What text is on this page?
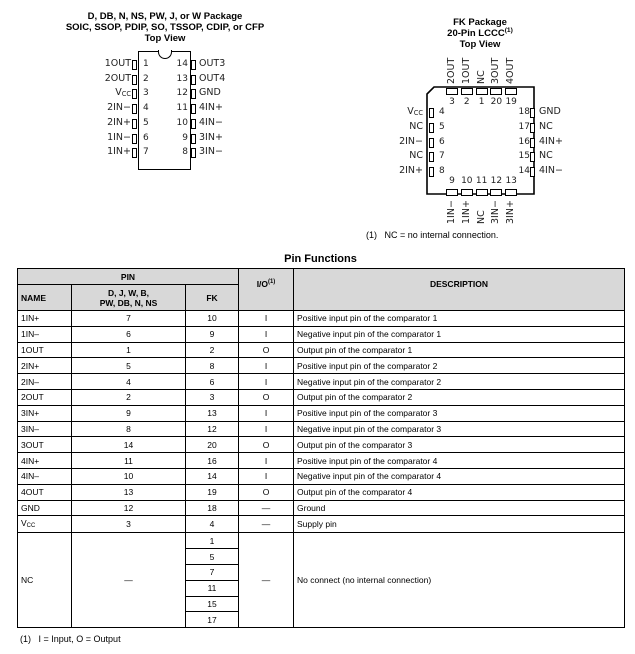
D, DB, N, NS, PW, J, or W Package
SOIC, SSOP, PDIP, SO, TSSOP, CDIP, or CFP
Top View
1OUT 1
2OUT 2
$V_{CC}$ 3
2IN− 4
2IN+ 5
1IN− 6
1IN+ 7
14 OUT3
13 OUT4
12 GND
11 4IN+
10 4IN−
9 3IN+
8 3IN−
FK Package
20-Pin LCCC$^{(1)}$
Top View
2OUT
3
1OUT
2
NC
1
3OUT
20
4OUT
19
$V_{CC}$ 4
NC 5
2IN− 6
NC 7
2IN+ 8
18 GND
17 NC
16 4IN+
15 NC
14 4IN−
9
1IN−
10
1IN+
11
NC
12
3IN−
13
3IN+
(1) NC = no internal connection.
Pin Functions
PIN			$I/O^{(1)}$	DESCRIPTION
NAME	D, J, W, B,
PW, DB, N, NS	FK		
1IN+	7	10	I	Positive input pin of the comparator 1
1IN–	6	9	I	Negative input pin of the comparator 1
1OUT	1	2	O	Output pin of the comparator 1
2IN+	5	8	I	Positive input pin of the comparator 2
2IN–	4	6	I	Negative input pin of the comparator 2
2OUT	2	3	O	Output pin of the comparator 2
3IN+	9	13	I	Positive input pin of the comparator 3
3IN–	8	12	I	Negative input pin of the comparator 3
3OUT	14	20	O	Output pin of the comparator 3
4IN+	11	16	I	Positive input pin of the comparator 4
4IN–	10	14	I	Negative input pin of the comparator 4
4OUT	13	19	O	Output pin of the comparator 4
GND	12	18	—	Ground
$V_{CC}$	3	4	—	Supply pin
NC	—	1	—	No connect (no internal connection)
		5		
		7		
		11		
		15		
		17		
(1) I = Input, O = Output
